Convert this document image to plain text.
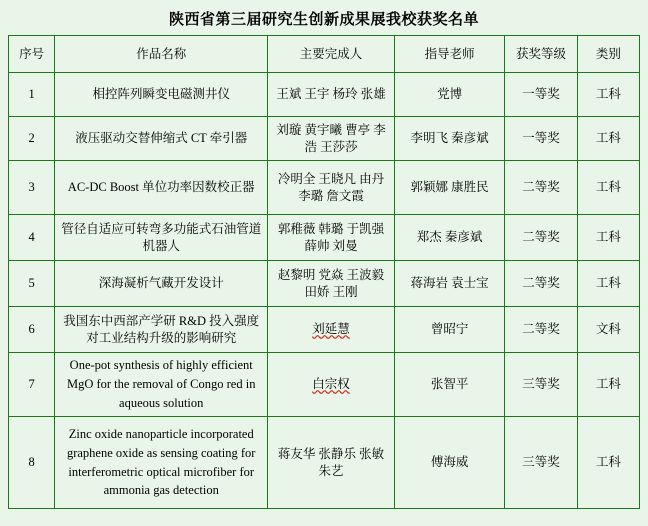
陕西省第三届研究生创新成果展我校获奖名单
序号	作品名称	主要完成人	指导老师	获奖等级	类别
1	相控阵列瞬变电磁测井仪	王斌 王宇 杨玲 张雄	党博	一等奖	工科
2	液压驱动交替伸缩式 CT 牵引器	刘璇 黄宇曦 曹亭 李浩 王莎莎	李明飞 秦彦斌	一等奖	工科
3	AC-DC Boost 单位功率因数校正器	冷明全 王晓凡 由丹 李璐 詹文霞	郭颖娜 康胜民	二等奖	工科
4	管径自适应可转弯多功能式石油管道机器人	郭稚薇 韩璐 于凯强 薛帅 刘曼	郑杰 秦彦斌	二等奖	工科
5	深海凝析气藏开发设计	赵黎明 党焱 王波毅 田娇 王刚	蒋海岩 袁士宝	二等奖	工科
6	我国东中西部产学研 R&D 投入强度对工业结构升级的影响研究	刘延慧	曾昭宁	二等奖	文科
7	One-pot synthesis of highly efficient MgO for the removal of Congo red in aqueous solution	白宗权	张智平	三等奖	工科
8	Zinc oxide nanoparticle incorporated graphene oxide as sensing coating for interferometric optical microfiber for ammonia gas detection	蒋友华 张静乐 张敏 朱艺	傅海威	三等奖	工科
